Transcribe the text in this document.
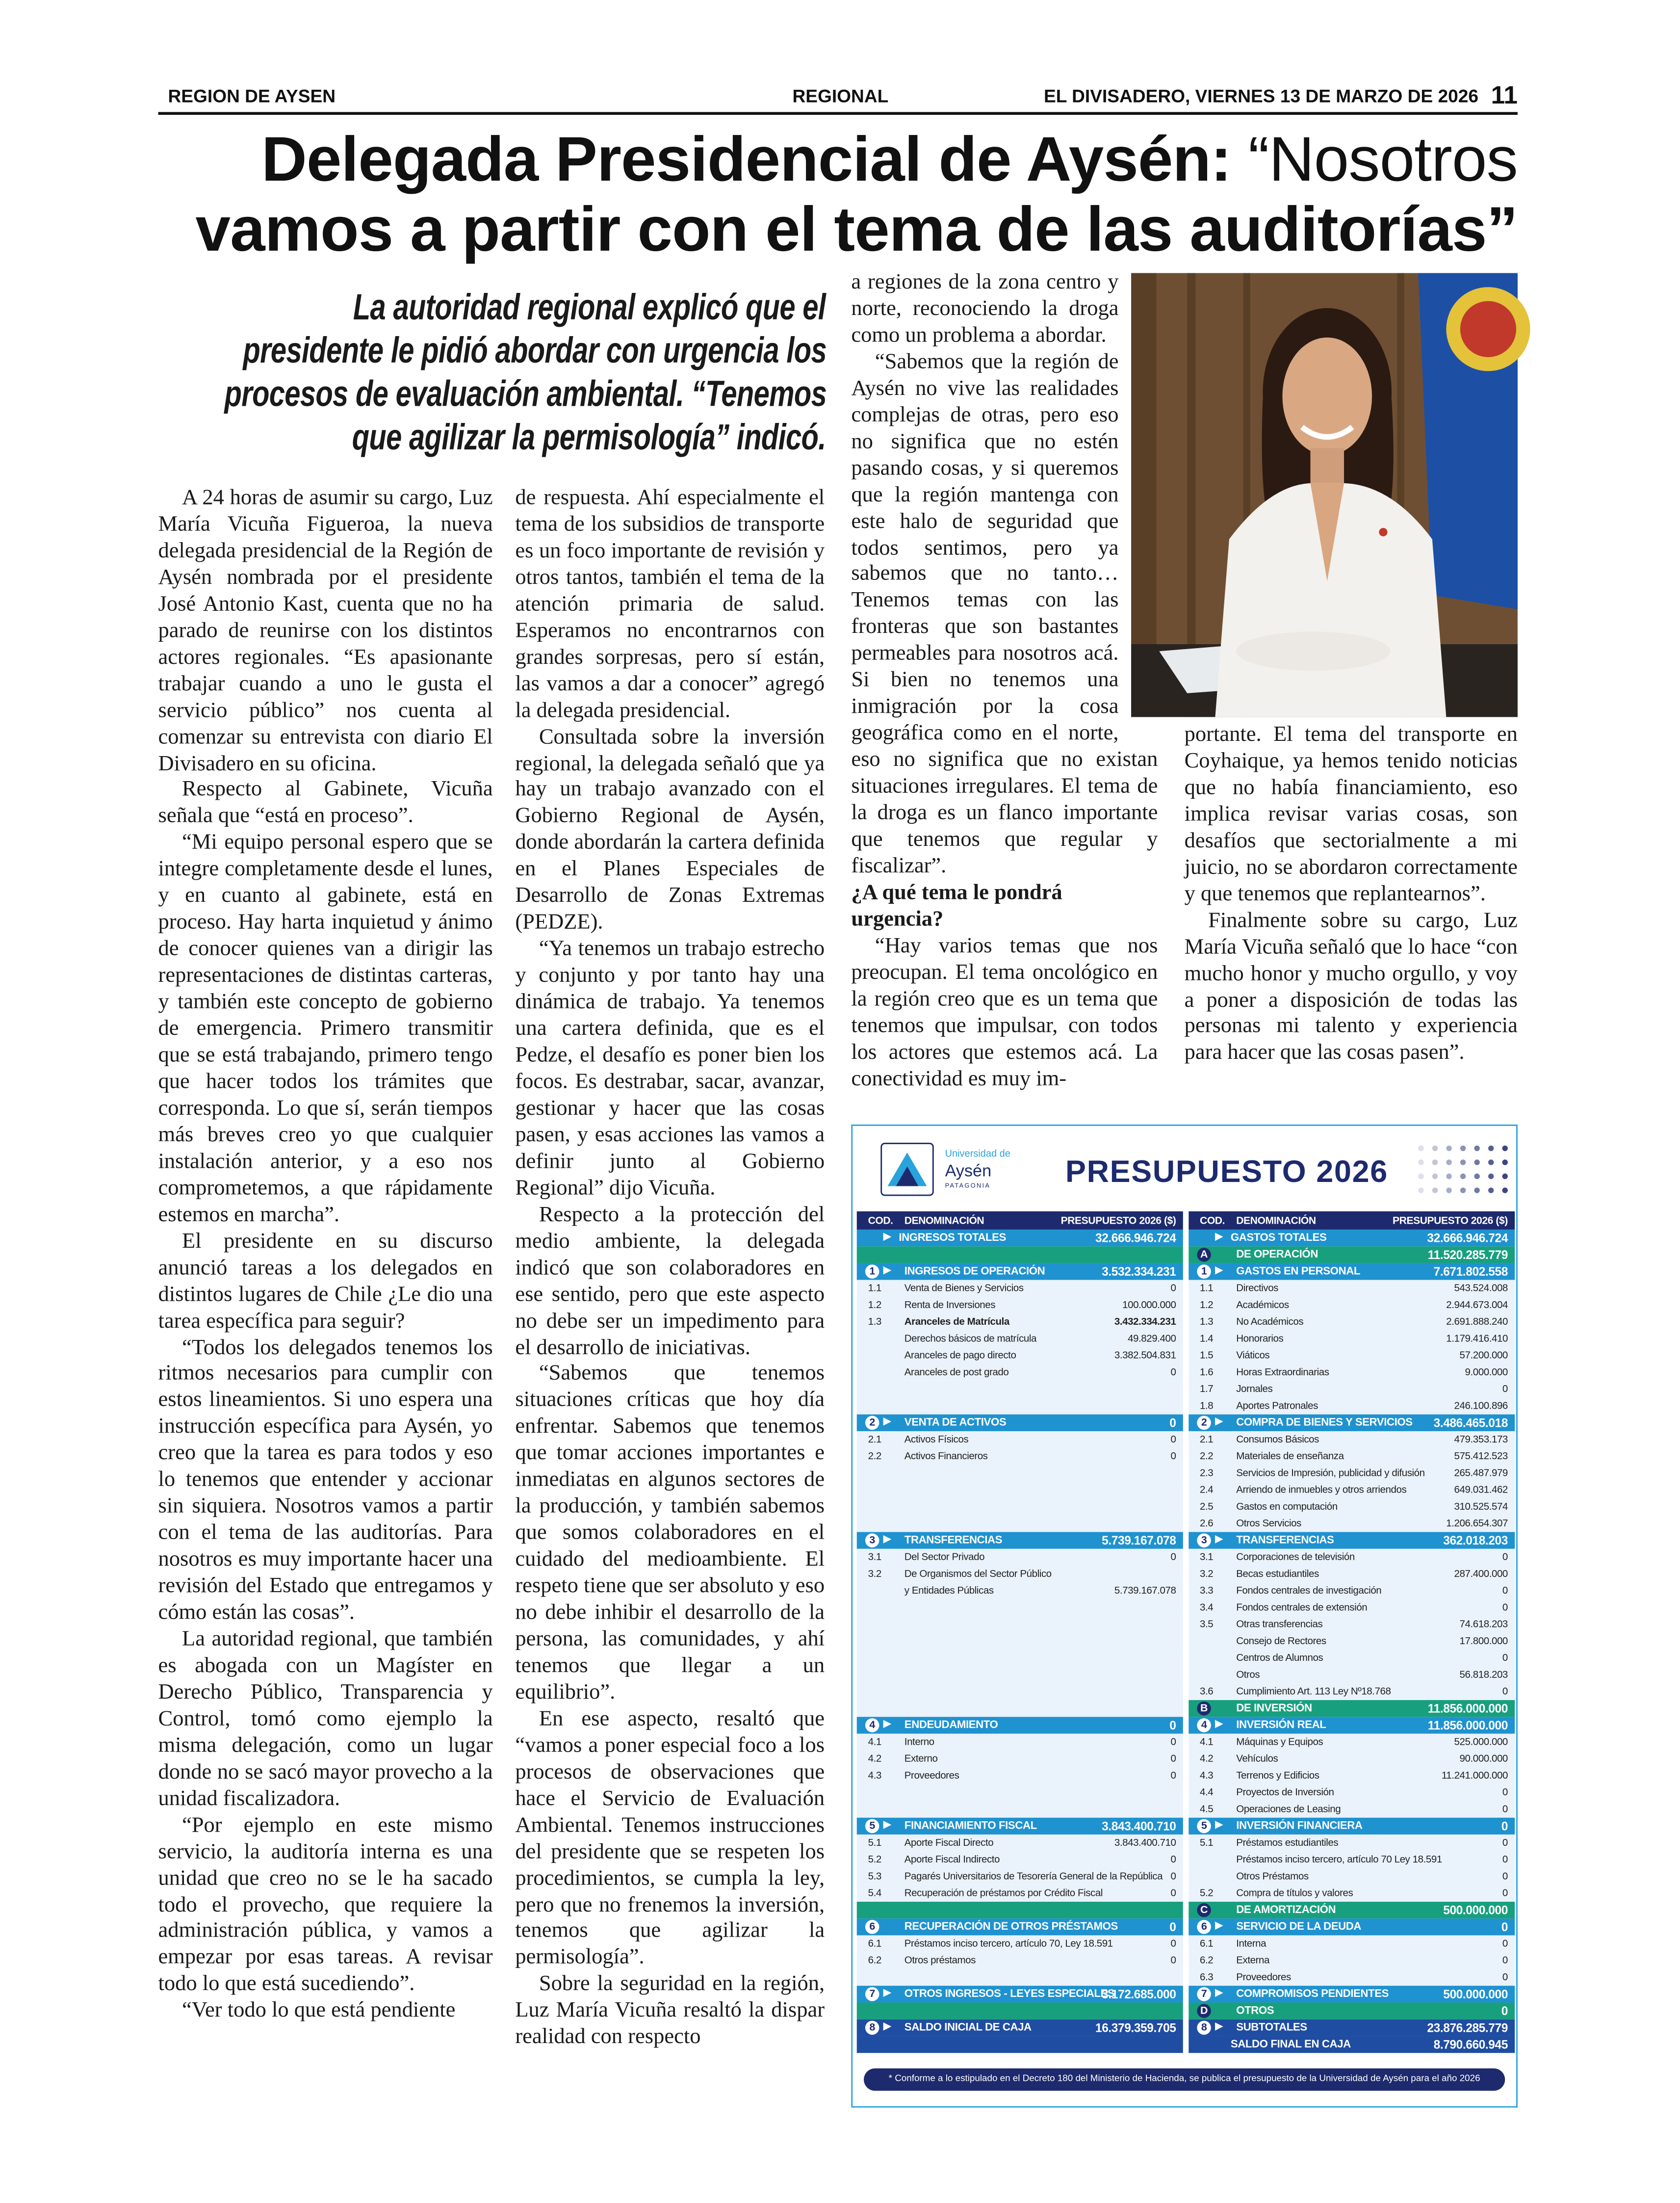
REGION DE AYSEN	REGIONAL	EL DIVISADERO, VIERNES 13 DE MARZO DE 2026 11
Delegada Presidencial de Aysén: “Nosotros
vamos a partir con el tema de las auditorías”
La autoridad regional explicó que el
presidente le pidió abordar con urgencia los
procesos de evaluación ambiental. “Tenemos
que agilizar la permisología” indicó.

A 24 horas de asumir su cargo, Luz María Vicuña Figueroa, la nueva delegada presidencial de la Región de Aysén nombrada por el presidente José Antonio Kast, cuenta que no ha parado de reunirse con los distintos actores regionales. “Es apasionante trabajar cuando a uno le gusta el servicio público” nos cuenta al comenzar su entrevista con diario El Divisadero en su oficina.

Respecto al Gabinete, Vicuña señala que “está en proceso”.

“Mi equipo personal espero que se integre completamente desde el lunes, y en cuanto al gabinete, está en proceso. Hay harta inquietud y ánimo de conocer quienes van a dirigir las representaciones de distintas carteras, y también este concepto de gobierno de emergencia. Primero transmitir que se está trabajando, primero tengo que hacer todos los trámites que corresponda. Lo que sí, serán tiempos más breves creo yo que cualquier instalación anterior, y a eso nos comprometemos, a que rápidamente estemos en marcha”.

El presidente en su discurso anunció tareas a los delegados en distintos lugares de Chile ¿Le dio una tarea específica para seguir?

“Todos los delegados tenemos los ritmos necesarios para cumplir con estos lineamientos. Si uno espera una instrucción específica para Aysén, yo creo que la tarea es para todos y eso lo tenemos que entender y accionar sin siquiera. Nosotros vamos a partir con el tema de las auditorías. Para nosotros es muy importante hacer una revisión del Estado que entregamos y cómo están las cosas”.

La autoridad regional, que también es abogada con un Magíster en Derecho Público, Transparencia y Control, tomó como ejemplo la misma delegación, como un lugar donde no se sacó mayor provecho a la unidad fiscalizadora.

“Por ejemplo en este mismo servicio, la auditoría interna es una unidad que creo no se le ha sacado todo el provecho, que requiere la administración pública, y vamos a empezar por esas tareas. A revisar todo lo que está sucediendo”.

“Ver todo lo que está pendiente

de respuesta. Ahí especialmente el tema de los subsidios de transporte es un foco importante de revisión y otros tantos, también el tema de la atención primaria de salud. Esperamos no encontrarnos con grandes sorpresas, pero sí están, las vamos a dar a conocer” agregó la delegada presidencial.

Consultada sobre la inversión regional, la delegada señaló que ya hay un trabajo avanzado con el Gobierno Regional de Aysén, donde abordarán la cartera definida en el Planes Especiales de Desarrollo de Zonas Extremas (PEDZE).

“Ya tenemos un trabajo estrecho y conjunto y por tanto hay una dinámica de trabajo. Ya tenemos una cartera definida, que es el Pedze, el desafío es poner bien los focos. Es destrabar, sacar, avanzar, gestionar y hacer que las cosas pasen, y esas acciones las vamos a definir junto al Gobierno Regional” dijo Vicuña.

Respecto a la protección del medio ambiente, la delegada indicó que son colaboradores en ese sentido, pero que este aspecto no debe ser un impedimento para el desarrollo de iniciativas.

“Sabemos que tenemos situaciones críticas que hoy día enfrentar. Sabemos que tenemos que tomar acciones importantes e inmediatas en algunos sectores de la producción, y también sabemos que somos colaboradores en el cuidado del medioambiente. El respeto tiene que ser absoluto y eso no debe inhibir el desarrollo de la persona, las comunidades, y ahí tenemos que llegar a un equilibrio”.

En ese aspecto, resaltó que “vamos a poner especial foco a los procesos de observaciones que hace el Servicio de Evaluación Ambiental. Tenemos instrucciones del presidente que se respeten los procedimientos, se cumpla la ley, pero que no frenemos la inversión, tenemos que agilizar la permisología”.

Sobre la seguridad en la región, Luz María Vicuña resaltó la dispar realidad con respecto

a regiones de la zona centro y norte, reconociendo la droga como un problema a abordar.

“Sabemos que la región de Aysén no vive las realidades complejas de otras, pero eso no significa que no estén pasando cosas, y si queremos que la región mantenga con este halo de seguridad que todos sentimos, pero ya sabemos que no tanto… Tenemos temas con las fronteras que son bastantes permeables para nosotros acá. Si bien no tenemos una inmigración por la cosa geográfica como en el norte, eso no significa que no existan situaciones irregulares. El tema de la droga es un flanco importante que tenemos que regular y fiscalizar”.

¿A qué tema le pondrá urgencia?

“Hay varios temas que nos preocupan. El tema oncológico en la región creo que es un tema que tenemos que impulsar, con todos los actores que estemos acá. La conectividad es muy im-

portante. El tema del transporte en Coyhaique, ya hemos tenido noticias que no había financiamiento, eso implica revisar varias cosas, son desafíos que sectorialmente a mi juicio, no se abordaron correctamente y que tenemos que replantearnos”.

Finalmente sobre su cargo, Luz María Vicuña señaló que lo hace “con mucho honor y mucho orgullo, y voy a poner a disposición de todas las personas mi talento y experiencia para hacer que las cosas pasen”.

Universidad de
Aysén
PATAGONIA	PRESUPUESTO 2026
COD.	DENOMINACIÓN	PRESUPUESTO 2026 ($)
▶ INGRESOS TOTALES	32.666.946.724
1	▶	INGRESOS DE OPERACIÓN	3.532.334.231
1.1	Venta de Bienes y Servicios	0
1.2	Renta de Inversiones	100.000.000
1.3	Aranceles de Matrícula	3.432.334.231
Derechos básicos de matrícula	49.829.400
Aranceles de pago directo	3.382.504.831
Aranceles de post grado	0
2	▶	VENTA DE ACTIVOS	0
2.1	Activos Físicos	0
2.2	Activos Financieros	0
3	▶	TRANSFERENCIAS	5.739.167.078
3.1	Del Sector Privado	0
3.2	De Organismos del Sector Público
y Entidades Públicas	5.739.167.078
4	▶	ENDEUDAMIENTO	0
4.1	Interno	0
4.2	Externo	0
4.3	Proveedores	0
5	▶	FINANCIAMIENTO FISCAL	3.843.400.710
5.1	Aporte Fiscal Directo	3.843.400.710
5.2	Aporte Fiscal Indirecto	0
5.3	Pagarés Universitarios de Tesorería General de la República 0
5.4	Recuperación de préstamos por Crédito Fiscal	0
6	RECUPERACIÓN DE OTROS PRÉSTAMOS	0
6.1	Préstamos inciso tercero, artículo 70, Ley 18.591	0
6.2	Otros préstamos	0
7	▶	OTROS INGRESOS - LEYES ESPECIALES
3.172.685.000
8	▶	SALDO INICIAL DE CAJA	16.379.359.705
COD.	DENOMINACIÓN	PRESUPUESTO 2026 ($)
▶ GASTOS TOTALES	32.666.946.724
A	DE OPERACIÓN	11.520.285.779
1	▶	GASTOS EN PERSONAL	7.671.802.558
1.1	Directivos	543.524.008
1.2	Académicos	2.944.673.004
1.3	No Académicos	2.691.888.240
1.4	Honorarios	1.179.416.410
1.5	Viáticos	57.200.000
1.6	Horas Extraordinarias	9.000.000
1.7	Jornales	0
1.8	Aportes Patronales	246.100.896
2	▶	COMPRA DE BIENES Y SERVICIOS	3.486.465.018
2.1	Consumos Básicos	479.353.173
2.2	Materiales de enseñanza	575.412.523
2.3	Servicios de Impresión, publicidad y difusión	265.487.979
2.4	Arriendo de inmuebles y otros arriendos	649.031.462
2.5	Gastos en computación	310.525.574
2.6	Otros Servicios	1.206.654.307
3	▶	TRANSFERENCIAS	362.018.203
3.1	Corporaciones de televisión	0
3.2	Becas estudiantiles	287.400.000
3.3	Fondos centrales de investigación	0
3.4	Fondos centrales de extensión	0
3.5	Otras transferencias	74.618.203
Consejo de Rectores	17.800.000
Centros de Alumnos	0
Otros	56.818.203
3.6	Cumplimiento Art. 113 Ley Nº18.768	0
B	DE INVERSIÓN	11.856.000.000
4	▶	INVERSIÓN REAL	11.856.000.000
4.1	Máquinas y Equipos	525.000.000
4.2	Vehículos	90.000.000
4.3	Terrenos y Edificios	11.241.000.000
4.4	Proyectos de Inversión	0
4.5	Operaciones de Leasing	0
5	▶	INVERSIÓN FINANCIERA	0
5.1	Préstamos estudiantiles	0
Préstamos inciso tercero, artículo 70 Ley 18.591	0
Otros Préstamos	0
5.2	Compra de títulos y valores	0
C	DE AMORTIZACIÓN	500.000.000
6	▶	SERVICIO DE LA DEUDA	0
6.1	Interna	0
6.2	Externa	0
6.3	Proveedores	0
7	▶	COMPROMISOS PENDIENTES	500.000.000
D	OTROS	0
8	▶	SUBTOTALES	23.876.285.779
SALDO FINAL EN CAJA	8.790.660.945
* Conforme a lo estipulado en el Decreto 180 del Ministerio de Hacienda, se publica el presupuesto de la Universidad de Aysén para el año 2026
